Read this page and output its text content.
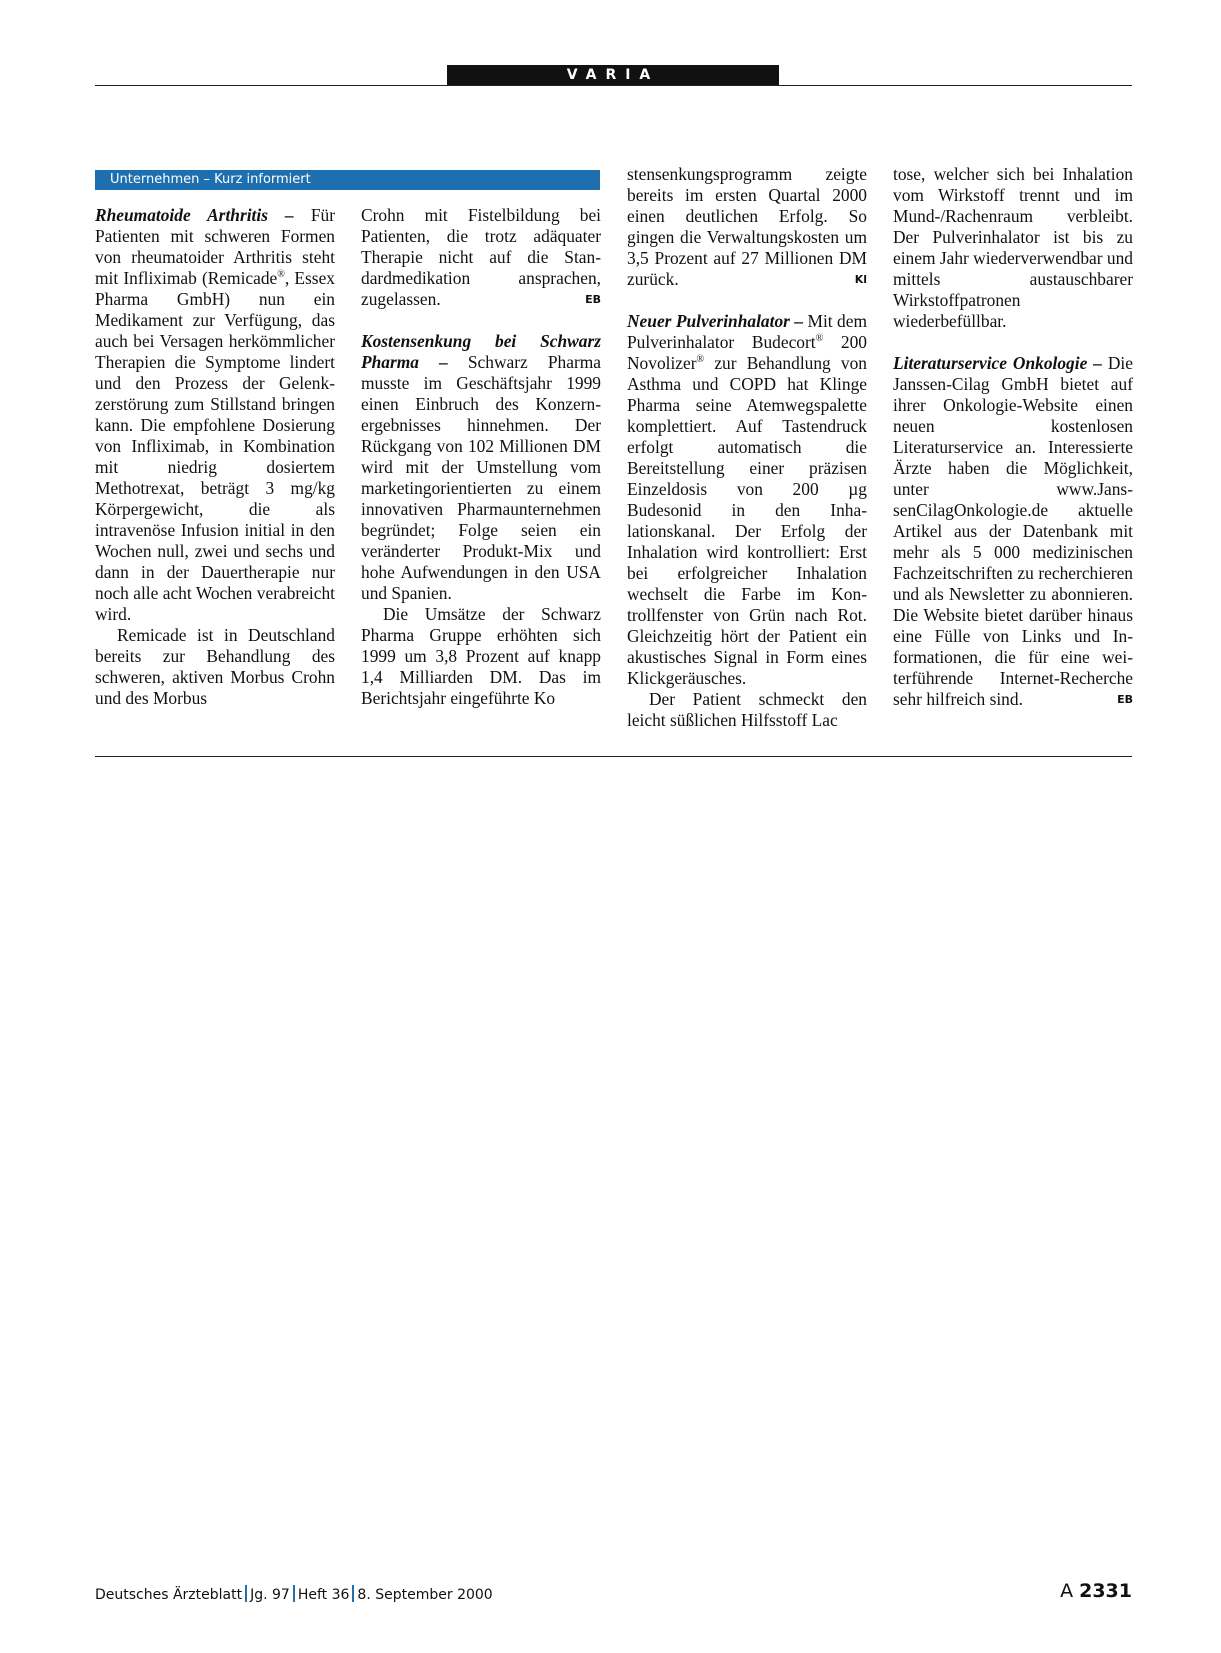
VARIA
Unternehmen – Kurz informiert

Rheumatoide Arthritis – Für Patienten mit schweren Formen von rheumatoider Arthritis steht mit Infliximab (Remicade®, Essex Pharma GmbH) nun ein Medikament zur Verfügung, das auch bei Versagen herkömmlicher Therapien die Symptome lindert und den Prozess der Gelenkzerstörung zum Stillstand bringen kann. Die empfohlene Dosierung von Infliximab, in Kombination mit niedrig dosiertem Methotrexat, beträgt 3 mg/kg Körpergewicht, die als intravenöse Infusion initial in den Wochen null, zwei und sechs und dann in der Dauertherapie nur noch alle acht Wochen verabreicht wird.

Remicade ist in Deutschland bereits zur Behandlung des schweren, aktiven Morbus Crohn und des Morbus

Crohn mit Fistelbildung bei Patienten, die trotz adäquater Therapie nicht auf die Standardmedikation ansprachen, zugelassen.	EB

Kostensenkung bei Schwarz Pharma – Schwarz Pharma musste im Geschäftsjahr 1999 einen Einbruch des Konzernergebnisses hinnehmen. Der Rückgang von 102 Millionen DM wird mit der Umstellung vom marketingorientierten zu einem innovativen Pharmaunternehmen begründet; Folge seien ein veränderter Produkt-Mix und hohe Aufwendungen in den USA und Spanien.

Die Umsätze der Schwarz Pharma Gruppe erhöhten sich 1999 um 3,8 Prozent auf knapp 1,4 Milliarden DM. Das im Berichtsjahr eingeführte Ko

stensenkungsprogramm zeigte bereits im ersten Quartal 2000 einen deutlichen Erfolg. So gingen die Verwaltungskosten um 3,5 Prozent auf 27 Millionen DM zurück.	Kl

Neuer Pulverinhalator – Mit dem Pulverinhalator Budecort® 200 Novolizer® zur Behandlung von Asthma und COPD hat Klinge Pharma seine Atemwegspalette komplettiert. Auf Tastendruck erfolgt automatisch die Bereitstellung einer präzisen Einzeldosis von 200 µg Budesonid in den Inhalationskanal. Der Erfolg der Inhalation wird kontrolliert: Erst bei erfolgreicher Inhalation wechselt die Farbe im Kontrollfenster von Grün nach Rot. Gleichzeitig hört der Patient ein akustisches Signal in Form eines Klickgeräusches.

Der Patient schmeckt den leicht süßlichen Hilfsstoff Lac

tose, welcher sich bei Inhalation vom Wirkstoff trennt und im Mund-/Rachenraum verbleibt. Der Pulverinhalator ist bis zu einem Jahr wiederverwendbar und mittels austauschbarer Wirkstoffpatronen wiederbefüllbar.

Literaturservice Onkologie – Die Janssen-Cilag GmbH bietet auf ihrer Onkologie-Website einen neuen kostenlosen Literaturservice an. Interessierte Ärzte haben die Möglichkeit, unter www.JanssenCilagOnkologie.de aktuelle Artikel aus der Datenbank mit mehr als 5 000 medizinischen Fachzeitschriften zu recherchieren und als Newsletter zu abonnieren. Die Website bietet darüber hinaus eine Fülle von Links und Informationen, die für eine weiterführende Internet-Recherche sehr hilfreich sind.	EB

Deutsches Ärzteblatt Jg. 97 Heft 36 8. September 2000	A 2331
